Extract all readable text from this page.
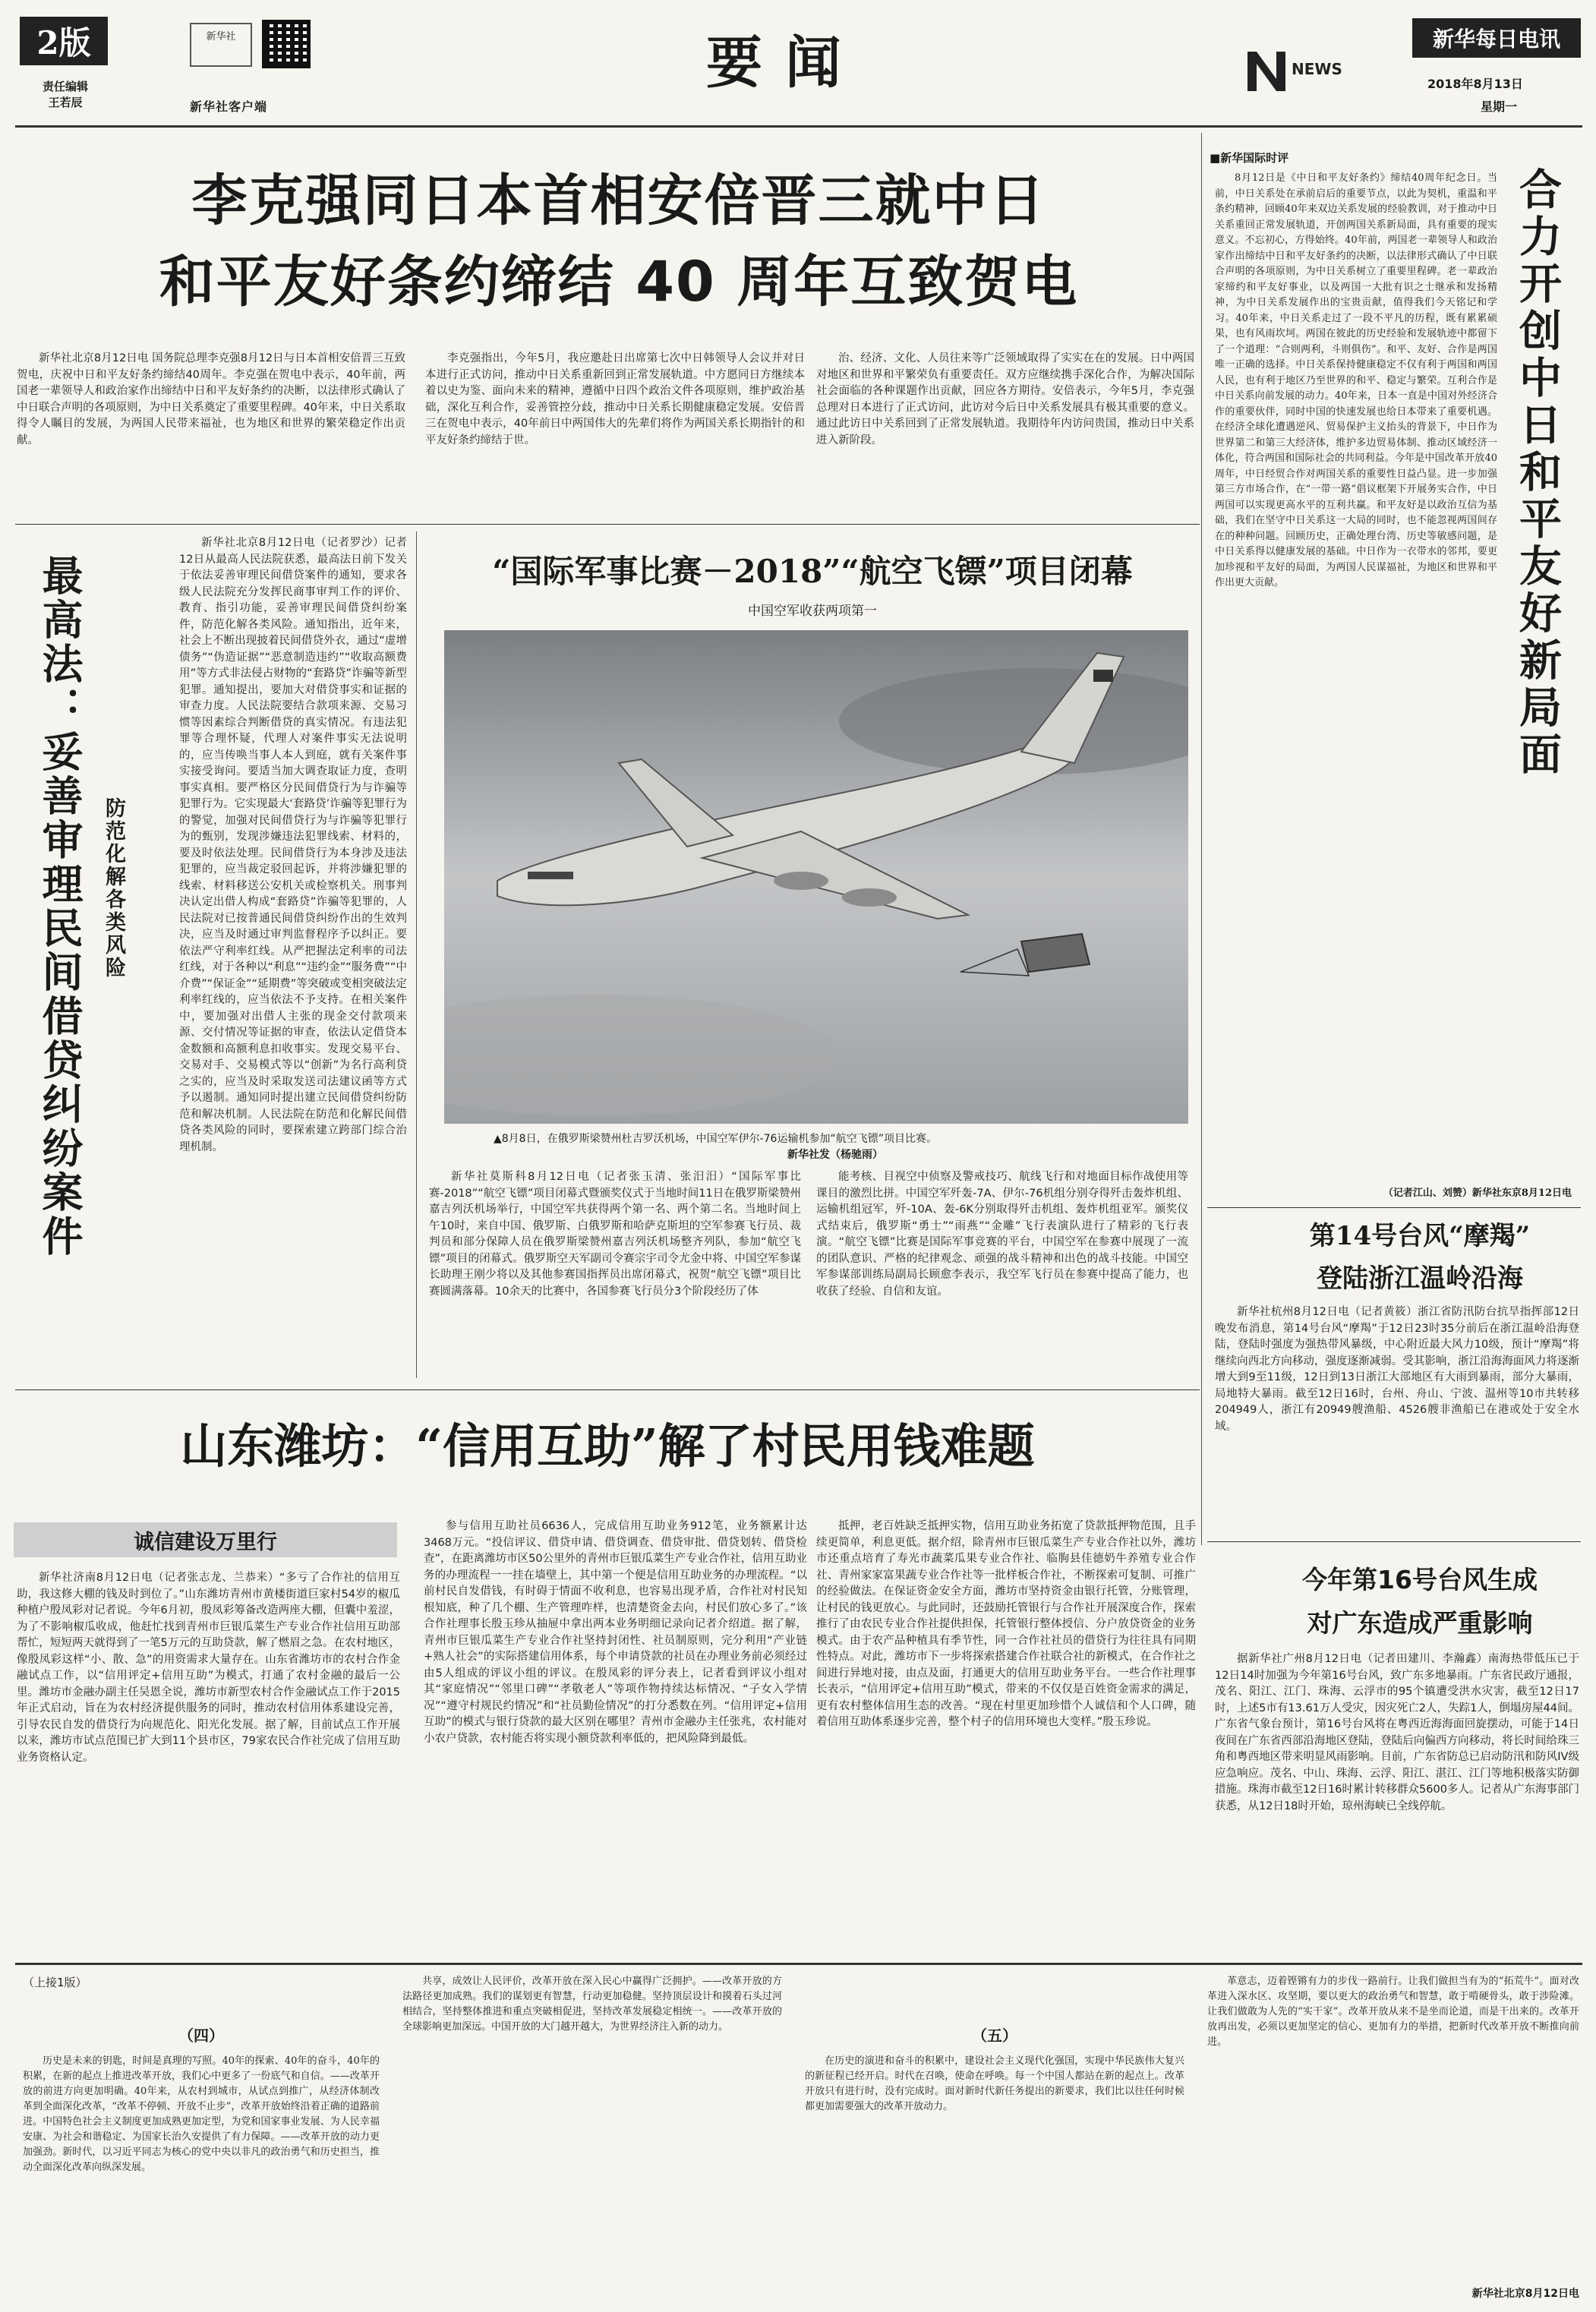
2版
责任编辑
王若辰
新华社
新华社客户端
要闻	NEWS
新华每日电讯
2018年8月13日
星期一
李克强同日本首相安倍晋三就中日
和平友好条约缔结 40 周年互致贺电

新华社北京8月12日电 国务院总理李克强8月12日与日本首相安倍晋三互致贺电，庆祝中日和平友好条约缔结40周年。李克强在贺电中表示，40年前，两国老一辈领导人和政治家作出缔结中日和平友好条约的决断，以法律形式确认了中日联合声明的各项原则，为中日关系奠定了重要里程碑。40年来，中日关系取得令人瞩目的发展，为两国人民带来福祉，也为地区和世界的繁荣稳定作出贡献。

李克强指出，今年5月，我应邀赴日出席第七次中日韩领导人会议并对日本进行正式访问，推动中日关系重新回到正常发展轨道。中方愿同日方继续本着以史为鉴、面向未来的精神，遵循中日四个政治文件各项原则，维护政治基础，深化互利合作，妥善管控分歧，推动中日关系长期健康稳定发展。安倍晋三在贺电中表示，40年前日中两国伟大的先辈们将作为两国关系长期指针的和平友好条约缔结于世。

治、经济、文化、人员往来等广泛领域取得了实实在在的发展。日中两国对地区和世界和平繁荣负有重要责任。双方应继续携手深化合作，为解决国际社会面临的各种课题作出贡献，回应各方期待。安倍表示，今年5月，李克强总理对日本进行了正式访问，此访对今后日中关系发展具有极其重要的意义。通过此访日中关系回到了正常发展轨道。我期待年内访问贵国，推动日中关系进入新阶段。

最高法：妥善审理民间借贷纠纷案件 防范化解各类风险

新华社北京8月12日电（记者罗沙）记者12日从最高人民法院获悉，最高法日前下发关于依法妥善审理民间借贷案件的通知，要求各级人民法院充分发挥民商事审判工作的评价、教育、指引功能，妥善审理民间借贷纠纷案件，防范化解各类风险。通知指出，近年来，社会上不断出现披着民间借贷外衣，通过“虚增债务”“伪造证据”“恶意制造违约”“收取高额费用”等方式非法侵占财物的“套路贷”诈骗等新型犯罪。通知提出，要加大对借贷事实和证据的审查力度。人民法院要结合款项来源、交易习惯等因素综合判断借贷的真实情况。有违法犯罪等合理怀疑，代理人对案件事实无法说明的，应当传唤当事人本人到庭，就有关案件事实接受询问。要适当加大调查取证力度，查明事实真相。要严格区分民间借贷行为与诈骗等犯罪行为。它实现最大‘套路贷’诈骗等犯罪行为的警觉，加强对民间借贷行为与诈骗等犯罪行为的甄别，发现涉嫌违法犯罪线索、材料的，要及时依法处理。民间借贷行为本身涉及违法犯罪的，应当裁定驳回起诉，并将涉嫌犯罪的线索、材料移送公安机关或检察机关。刑事判决认定出借人构成“套路贷”诈骗等犯罪的，人民法院对已按普通民间借贷纠纷作出的生效判决，应当及时通过审判监督程序予以纠正。要依法严守利率红线。从严把握法定利率的司法红线，对于各种以“利息”“违约金”“服务费”“中介费”“保证金”“延期费”等突破或变相突破法定利率红线的，应当依法不予支持。在相关案件中，要加强对出借人主张的现金交付款项来源、交付情况等证据的审查，依法认定借贷本金数额和高额利息扣收事实。发现交易平台、交易对手、交易模式等以“创新”为名行高利贷之实的，应当及时采取发送司法建议函等方式予以遏制。通知同时提出建立民间借贷纠纷防范和解决机制。人民法院在防范和化解民间借贷各类风险的同时，要探索建立跨部门综合治理机制。

“国际军事比赛－2018”“航空飞镖”项目闭幕
中国空军收获两项第一
▲8月8日，在俄罗斯梁赞州杜吉罗沃机场，中国空军伊尔-76运输机参加“航空飞镖”项目比赛。

新华社发（杨驰雨）

新华社莫斯科8月12日电（记者张玉清、张汨汨）“国际军事比赛-2018”“航空飞镖”项目闭幕式暨颁奖仪式于当地时间11日在俄罗斯梁赞州嘉吉列沃机场举行，中国空军共获得两个第一名、两个第二名。当地时间上午10时，来自中国、俄罗斯、白俄罗斯和哈萨克斯坦的空军参赛飞行员、裁判员和部分保障人员在俄罗斯梁赞州嘉吉列沃机场整齐列队，参加“航空飞镖”项目的闭幕式。俄罗斯空天军副司令赛宗宇司令尤金中将、中国空军参谋长助理王刚少将以及其他参赛国指挥员出席闭幕式，祝贺“航空飞镖”项目比赛圆满落幕。10余天的比赛中，各国参赛飞行员分3个阶段经历了体

能考核、目视空中侦察及警戒技巧、航线飞行和对地面目标作战使用等课目的激烈比拼。中国空军歼轰-7A、伊尔-76机组分别夺得歼击轰炸机组、运输机组冠军，歼-10A、轰-6K分别取得歼击机组、轰炸机组亚军。颁奖仪式结束后，俄罗斯“勇士”“雨燕”“金雕”飞行表演队进行了精彩的飞行表演。“航空飞镖”比赛是国际军事竞赛的平台，中国空军在参赛中展现了一流的团队意识、严格的纪律观念、顽强的战斗精神和出色的战斗技能。中国空军参谋部训练局副局长顾愈李表示，我空军飞行员在参赛中提高了能力，也收获了经验、自信和友谊。

■新华国际时评
合力开创中日和平友好新局面

8月12日是《中日和平友好条约》缔结40周年纪念日。当前，中日关系处在承前启后的重要节点，以此为契机，重温和平条约精神，回顾40年来双边关系发展的经验教训，对于推动中日关系重回正常发展轨道，开创两国关系新局面，具有重要的现实意义。不忘初心，方得始终。40年前，两国老一辈领导人和政治家作出缔结中日和平友好条约的决断，以法律形式确认了中日联合声明的各项原则，为中日关系树立了重要里程碑。老一辈政治家缔约和平友好事业，以及两国一大批有识之士继承和发扬精神，为中日关系发展作出的宝贵贡献，值得我们今天铭记和学习。40年来，中日关系走过了一段不平凡的历程，既有累累硕果，也有风雨坎坷。两国在彼此的历史经验和发展轨迹中都留下了一个道理：“合则两利，斗则俱伤”。和平、友好、合作是两国唯一正确的选择。中日关系保持健康稳定不仅有利于两国和两国人民，也有利于地区乃至世界的和平、稳定与繁荣。互利合作是中日关系向前发展的动力。40年来，日本一直是中国对外经济合作的重要伙伴，同时中国的快速发展也给日本带来了重要机遇。在经济全球化遭遇逆风、贸易保护主义抬头的背景下，中日作为世界第二和第三大经济体，维护多边贸易体制、推动区域经济一体化，符合两国和国际社会的共同利益。今年是中国改革开放40周年，中日经贸合作对两国关系的重要性日益凸显。进一步加强第三方市场合作，在“一带一路”倡议框架下开展务实合作，中日两国可以实现更高水平的互利共赢。和平友好是以政治互信为基础，我们在坚守中日关系这一大局的同时，也不能忽视两国间存在的种种问题。回顾历史，正确处理台湾、历史等敏感问题，是中日关系得以健康发展的基础。中日作为一衣带水的邻邦，要更加珍视和平友好的局面，为两国人民谋福祉，为地区和世界和平作出更大贡献。

（记者江山、刘赞）新华社东京8月12日电
第14号台风“摩羯”
登陆浙江温岭沿海

新华社杭州8月12日电（记者黄筱）浙江省防汛防台抗旱指挥部12日晚发布消息，第14号台风“摩羯”于12日23时35分前后在浙江温岭沿海登陆，登陆时强度为强热带风暴级，中心附近最大风力10级，预计“摩羯”将继续向西北方向移动，强度逐渐减弱。受其影响，浙江沿海海面风力将逐渐增大到9至11级，12日到13日浙江大部地区有大雨到暴雨，部分大暴雨，局地特大暴雨。截至12日16时，台州、舟山、宁波、温州等10市共转移204949人，浙江有20949艘渔船、4526艘非渔船已在港或处于安全水域。

今年第16号台风生成
对广东造成严重影响

据新华社广州8月12日电（记者田建川、李瀚鑫）南海热带低压已于12日14时加强为今年第16号台风，致广东多地暴雨。广东省民政厅通报，茂名、阳江、江门、珠海、云浮市的95个镇遭受洪水灾害，截至12日17时，上述5市有13.61万人受灾，因灾死亡2人，失踪1人，倒塌房屋44间。广东省气象台预计，第16号台风将在粤西近海海面回旋摆动，可能于14日夜间在广东省西部沿海地区登陆，登陆后向偏西方向移动，将长时间给珠三角和粤西地区带来明显风雨影响。目前，广东省防总已启动防汛和防风IV级应急响应。茂名、中山、珠海、云浮、阳江、湛江、江门等地积极落实防御措施。珠海市截至12日16时累计转移群众5600多人。记者从广东海事部门获悉，从12日18时开始，琼州海峡已全线停航。

山东潍坊：“信用互助”解了村民用钱难题
诚信建设万里行

新华社济南8月12日电（记者张志龙、兰恭来）“多亏了合作社的信用互助，我这修大棚的钱及时到位了。”山东潍坊青州市黄楼街道巨家村54岁的椒瓜种植户殷凤彩对记者说。今年6月初，殷凤彩筹备改造两座大棚，但囊中羞涩，为了不影响椒瓜收成，他赶忙找到青州市巨银瓜菜生产专业合作社信用互助部帮忙，短短两天就得到了一笔5万元的互助贷款，解了燃眉之急。在农村地区，像殷凤彩这样“小、散、急”的用资需求大量存在。山东省潍坊市的农村合作金融试点工作，以“信用评定+信用互助”为模式，打通了农村金融的最后一公里。潍坊市金融办副主任吴恩全说，潍坊市新型农村合作金融试点工作于2015年正式启动，旨在为农村经济提供服务的同时，推动农村信用体系建设完善，引导农民自发的借贷行为向规范化、阳光化发展。据了解，目前试点工作开展以来，潍坊市试点范围已扩大到11个县市区，79家农民合作社完成了信用互助业务资格认定。

参与信用互助社员6636人，完成信用互助业务912笔，业务额累计达3468万元。“投信评议、借贷申请、借贷调查、借贷审批、借贷划转、借贷检查”，在距离潍坊市区50公里外的青州市巨银瓜菜生产专业合作社，信用互助业务的办理流程一一挂在墙壁上，其中第一个便是信用互助业务的办理流程。“以前村民自发借钱，有时碍于情面不收利息，也容易出现矛盾，合作社对村民知根知底，种了几个棚、生产管理咋样，也清楚资金去向，村民们放心多了。”该合作社理事长殷玉珍从抽屉中拿出两本业务明细记录向记者介绍道。据了解，青州市巨银瓜菜生产专业合作社坚持封闭性、社员制原则，完分利用“产业链+熟人社会”的实际搭建信用体系，每个申请贷款的社员在办理业务前必须经过由5人组成的评议小组的评议。在殷凤彩的评分表上，记者看到评议小组对其“家庭情况”“邻里口碑”“孝敬老人”等项作物持续达标情况、“子女入学情况”“遵守村规民约情况”和“社员勤俭情况”的打分悉数在列。“信用评定+信用互助”的模式与银行贷款的最大区别在哪里？青州市金融办主任张兆，农村能对小农户贷款，农村能否将实现小额贷款利率低的，把风险降到最低。

抵押，老百姓缺乏抵押实物，信用互助业务拓宽了贷款抵押物范围，且手续更简单，利息更低。据介绍，除青州市巨银瓜菜生产专业合作社以外，潍坊市还重点培育了寿光市蔬菜瓜果专业合作社、临朐县佳德奶牛养殖专业合作社、青州家家富果蔬专业合作社等一批样板合作社，不断探索可复制、可推广的经验做法。在保证资金安全方面，潍坊市坚持资金由银行托管，分账管理，让村民的钱更放心。与此同时，还鼓励托管银行与合作社开展深度合作，探索推行了由农民专业合作社提供担保，托管银行整体授信、分户放贷资金的业务模式。由于农产品种植具有季节性，同一合作社社员的借贷行为往往具有同期性特点。对此，潍坊市下一步将探索搭建合作社联合社的新模式，在合作社之间进行异地对接，由点及面，打通更大的信用互助业务平台。一些合作社理事长表示，“信用评定+信用互助”模式，带来的不仅仅是百姓资金需求的满足，更有农村整体信用生态的改善。“现在村里更加珍惜个人诚信和个人口碑，随着信用互助体系逐步完善，整个村子的信用环境也大变样。”殷玉珍说。

（上接1版）
（四）

历史是未来的钥匙，时间是真理的写照。40年的探索、40年的奋斗，40年的积累，在新的起点上推进改革开放，我们心中更多了一份底气和自信。——改革开放的前进方向更加明确。40年来，从农村到城市，从试点到推广，从经济体制改革到全面深化改革，“改革不停顿、开放不止步”，改革开放始终沿着正确的道路前进。中国特色社会主义制度更加成熟更加定型，为党和国家事业发展、为人民幸福安康、为社会和谐稳定、为国家长治久安提供了有力保障。——改革开放的动力更加强劲。新时代，以习近平同志为核心的党中央以非凡的政治勇气和历史担当，推动全面深化改革向纵深发展。

共享，成效让人民评价，改革开放在深入民心中赢得广泛拥护。——改革开放的方法路径更加成熟。我们的谋划更有智慧，行动更加稳健。坚持顶层设计和摸着石头过河相结合，坚持整体推进和重点突破相促进，坚持改革发展稳定相统一。——改革开放的全球影响更加深远。中国开放的大门越开越大，为世界经济注入新的动力。	（五）

在历史的演进和奋斗的积累中，建设社会主义现代化强国，实现中华民族伟大复兴的新征程已经开启。时代在召唤，使命在呼唤。每一个中国人都站在新的起点上。改革开放只有进行时，没有完成时。面对新时代新任务提出的新要求，我们比以往任何时候都更加需要强大的改革开放动力。

革意志，迈着铿锵有力的步伐一路前行。让我们做担当有为的“拓荒牛”。面对改革进入深水区、攻坚期，要以更大的政治勇气和智慧，敢于啃硬骨头，敢于涉险滩。让我们做敢为人先的“实干家”。改革开放从来不是坐而论道，而是干出来的。改革开放再出发，必须以更加坚定的信心、更加有力的举措，把新时代改革开放不断推向前进。

新华社北京8月12日电
